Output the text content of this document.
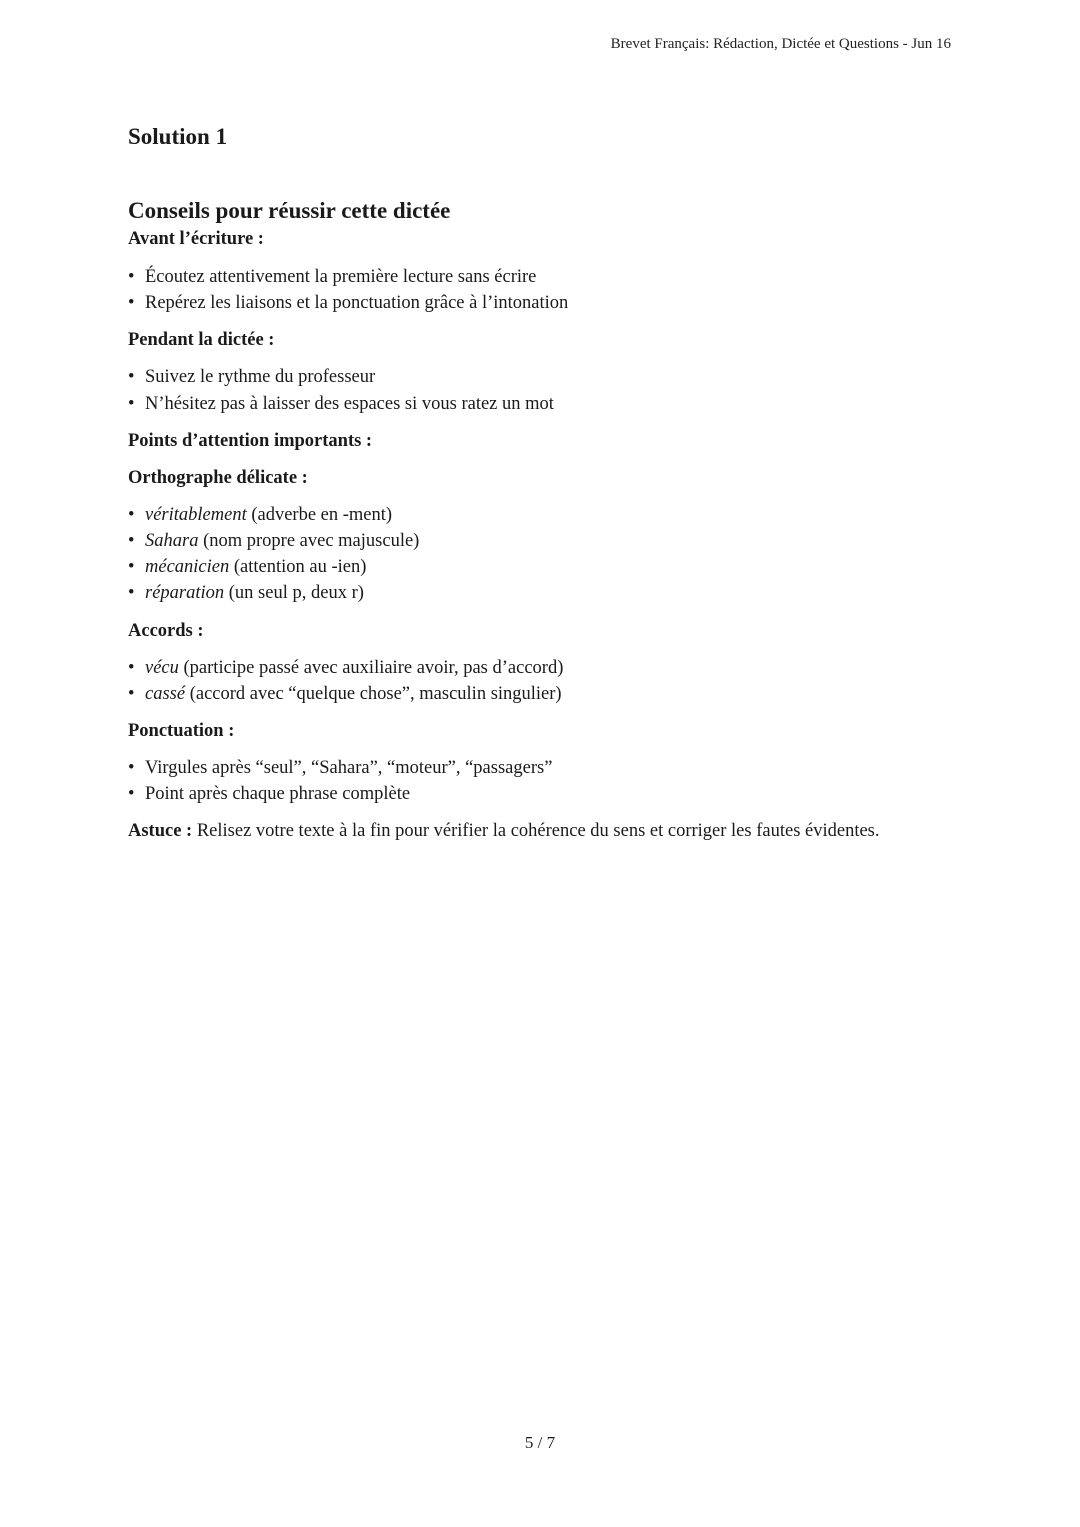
Brevet Français: Rédaction, Dictée et Questions - Jun 16
Solution 1
Conseils pour réussir cette dictée
Avant l’écriture :
• Écoutez attentivement la première lecture sans écrire
• Repérez les liaisons et la ponctuation grâce à l’intonation
Pendant la dictée :
• Suivez le rythme du professeur
• N’hésitez pas à laisser des espaces si vous ratez un mot
Points d’attention importants :
Orthographe délicate :
• véritablement (adverbe en -ment)
• Sahara (nom propre avec majuscule)
• mécanicien (attention au -ien)
• réparation (un seul p, deux r)
Accords :
• vécu (participe passé avec auxiliaire avoir, pas d’accord)
• cassé (accord avec “quelque chose”, masculin singulier)
Ponctuation :
• Virgules après “seul”, “Sahara”, “moteur”, “passagers”
• Point après chaque phrase complète

Astuce : Relisez votre texte à la fin pour vérifier la cohérence du sens et corriger les fautes évidentes.

5 / 7
